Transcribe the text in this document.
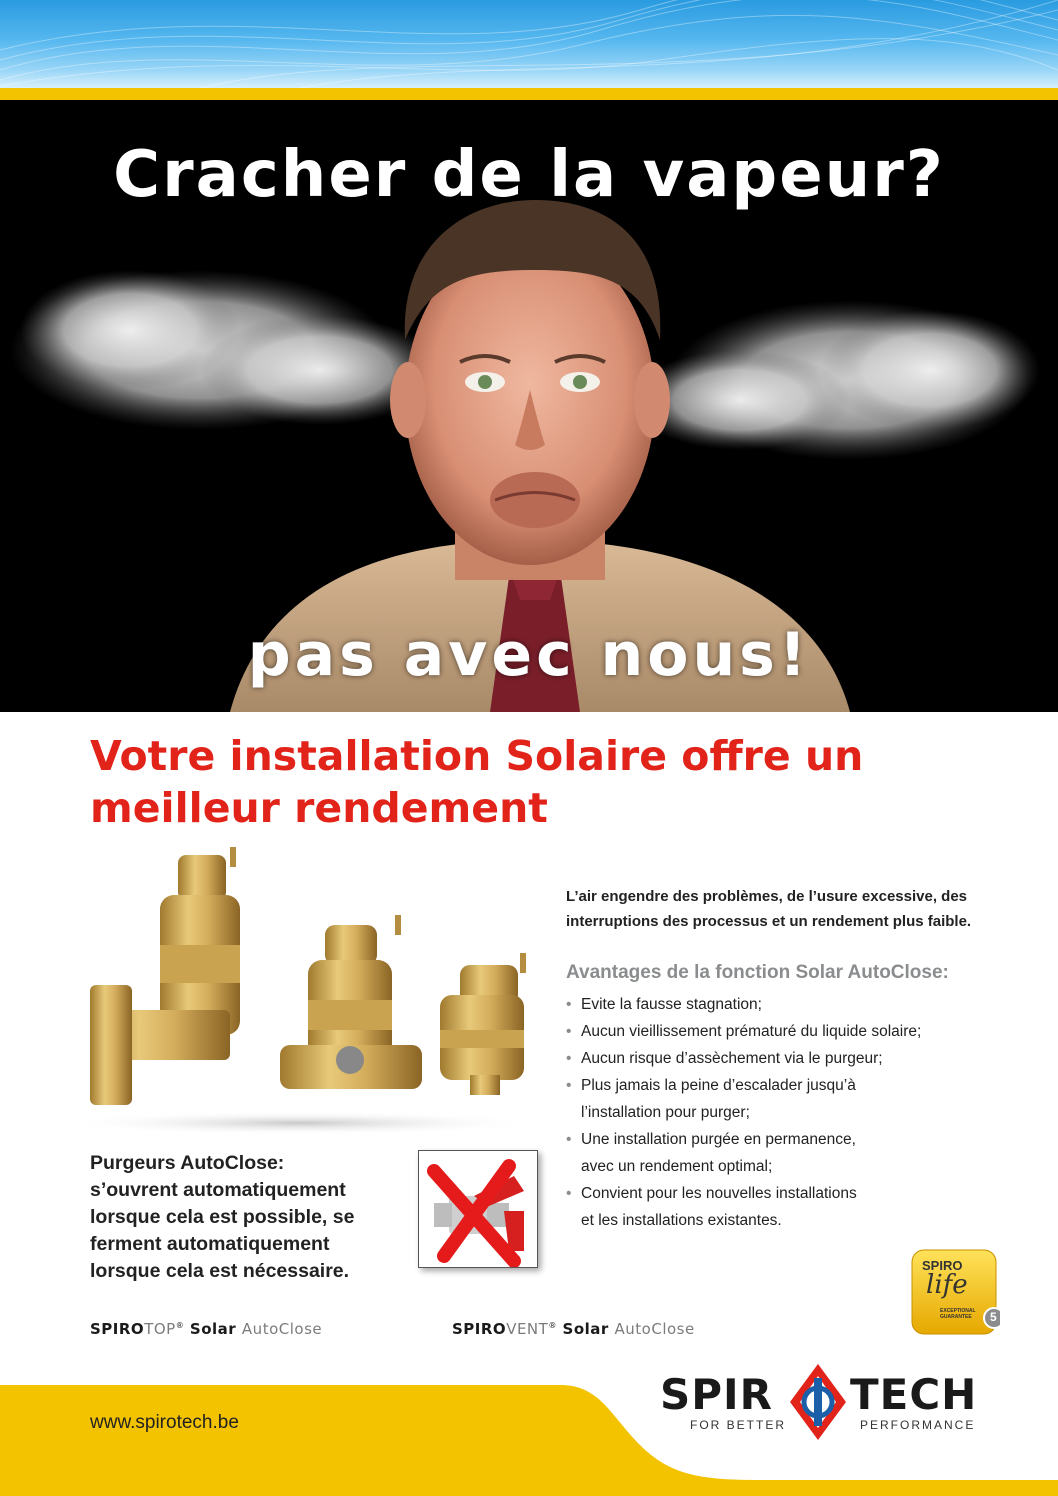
Cracher de la vapeur?
pas avec nous!
Votre installation Solaire offre un
meilleur rendement
Purgeurs AutoClose:
s’ouvrent automatiquement
lorsque cela est possible, se
ferment automatiquement
lorsque cela est nécessaire.
L’air engendre des problèmes, de l’usure excessive, des
interruptions des processus et un rendement plus faible.
Avantages de la fonction Solar AutoClose:
• Evite la fausse stagnation;
• Aucun vieillissement prématuré du liquide solaire;
• Aucun risque d’assèchement via le purgeur;
• Plus jamais la peine d’escalader jusqu’à
l’installation pour purger;
• Une installation purgée en permanence,
avec un rendement optimal;
• Convient pour les nouvelles installations
et les installations existantes.
SPIRO
life
EXCEPTIONAL
GUARANTEE 5
SPIROTOP® Solar AutoClose	SPIROVENT® Solar AutoClose
www.spirotech.be
SPIR TECH
FOR BETTER	PERFORMANCE
